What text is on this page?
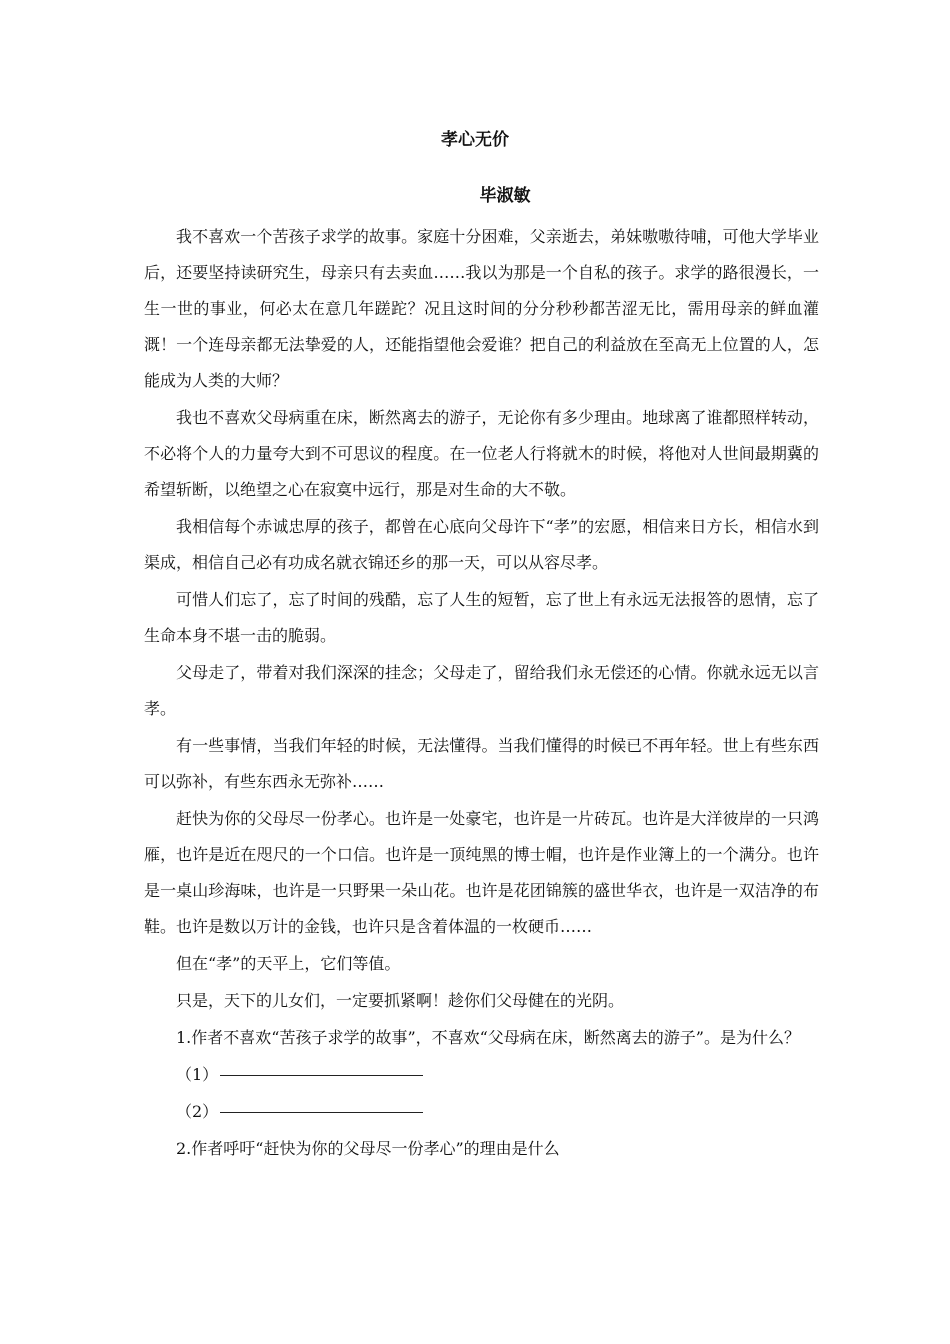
孝心无价
毕淑敏

我不喜欢一个苦孩子求学的故事。家庭十分困难，父亲逝去，弟妹嗷嗷待哺，可他大学毕业后，还要坚持读研究生，母亲只有去卖血……我以为那是一个自私的孩子。求学的路很漫长，一生一世的事业，何必太在意几年蹉跎？况且这时间的分分秒秒都苦涩无比，需用母亲的鲜血灌溉！一个连母亲都无法挚爱的人，还能指望他会爱谁？把自己的利益放在至高无上位置的人，怎能成为人类的大师？

我也不喜欢父母病重在床，断然离去的游子，无论你有多少理由。地球离了谁都照样转动，不必将个人的力量夸大到不可思议的程度。在一位老人行将就木的时候，将他对人世间最期冀的希望斩断，以绝望之心在寂寞中远行，那是对生命的大不敬。

我相信每个赤诚忠厚的孩子，都曾在心底向父母许下“孝”的宏愿，相信来日方长，相信水到渠成，相信自己必有功成名就衣锦还乡的那一天，可以从容尽孝。

可惜人们忘了，忘了时间的残酷，忘了人生的短暂，忘了世上有永远无法报答的恩情，忘了生命本身不堪一击的脆弱。

父母走了，带着对我们深深的挂念；父母走了，留给我们永无偿还的心情。你就永远无以言孝。

有一些事情，当我们年轻的时候，无法懂得。当我们懂得的时候已不再年轻。世上有些东西可以弥补，有些东西永无弥补……

赶快为你的父母尽一份孝心。也许是一处豪宅，也许是一片砖瓦。也许是大洋彼岸的一只鸿雁，也许是近在咫尺的一个口信。也许是一顶纯黑的博士帽，也许是作业簿上的一个满分。也许是一桌山珍海味，也许是一只野果一朵山花。也许是花团锦簇的盛世华衣，也许是一双洁净的布鞋。也许是数以万计的金钱，也许只是含着体温的一枚硬币……

但在“孝”的天平上，它们等值。

只是，天下的儿女们，一定要抓紧啊！趁你们父母健在的光阴。

1.作者不喜欢“苦孩子求学的故事”，不喜欢“父母病在床，断然离去的游子”。是为什么？

（1）

（2）

2.作者呼吁“赶快为你的父母尽一份孝心”的理由是什么
